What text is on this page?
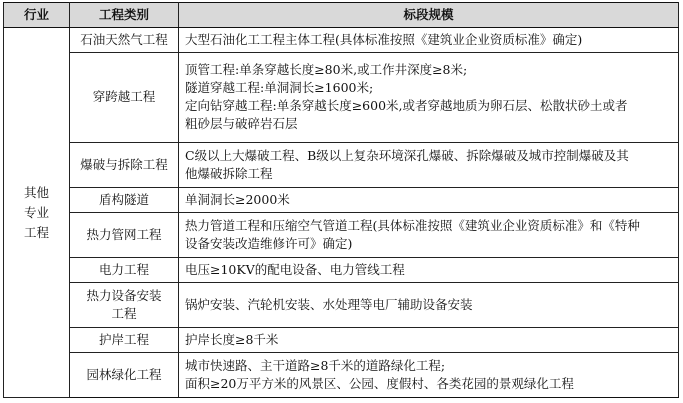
行业	工程类别	标段规模

其他
专业
工程	石油天然气工程	大型石油化工工程主体工程(具体标准按照《建筑业企业资质标准》确定)

	穿跨越工程	顶管工程:单条穿越长度≥80米,或工作井深度≥8米;
隧道穿越工程:单洞洞长≥1600米;
定向钻穿越工程:单条穿越长度≥600米,或者穿越地质为卵石层、松散状砂土或者
粗砂层与破碎岩石层

	爆破与拆除工程	C级以上大爆破工程、B级以上复杂环境深孔爆破、拆除爆破及城市控制爆破及其
他爆破拆除工程

	盾构隧道	单洞洞长≥2000米

	热力管网工程	热力管道工程和压缩空气管道工程(具体标准按照《建筑业企业资质标准》和《特种
设备安装改造维修许可》确定)

	电力工程	电压≥10KV的配电设备、电力管线工程

	热力设备安装
工程	锅炉安装、汽轮机安装、水处理等电厂辅助设备安装

	护岸工程	护岸长度≥8千米

	园林绿化工程	城市快速路、主干道路≥8千米的道路绿化工程;
面积≥20万平方米的风景区、公园、度假村、各类花园的景观绿化工程
